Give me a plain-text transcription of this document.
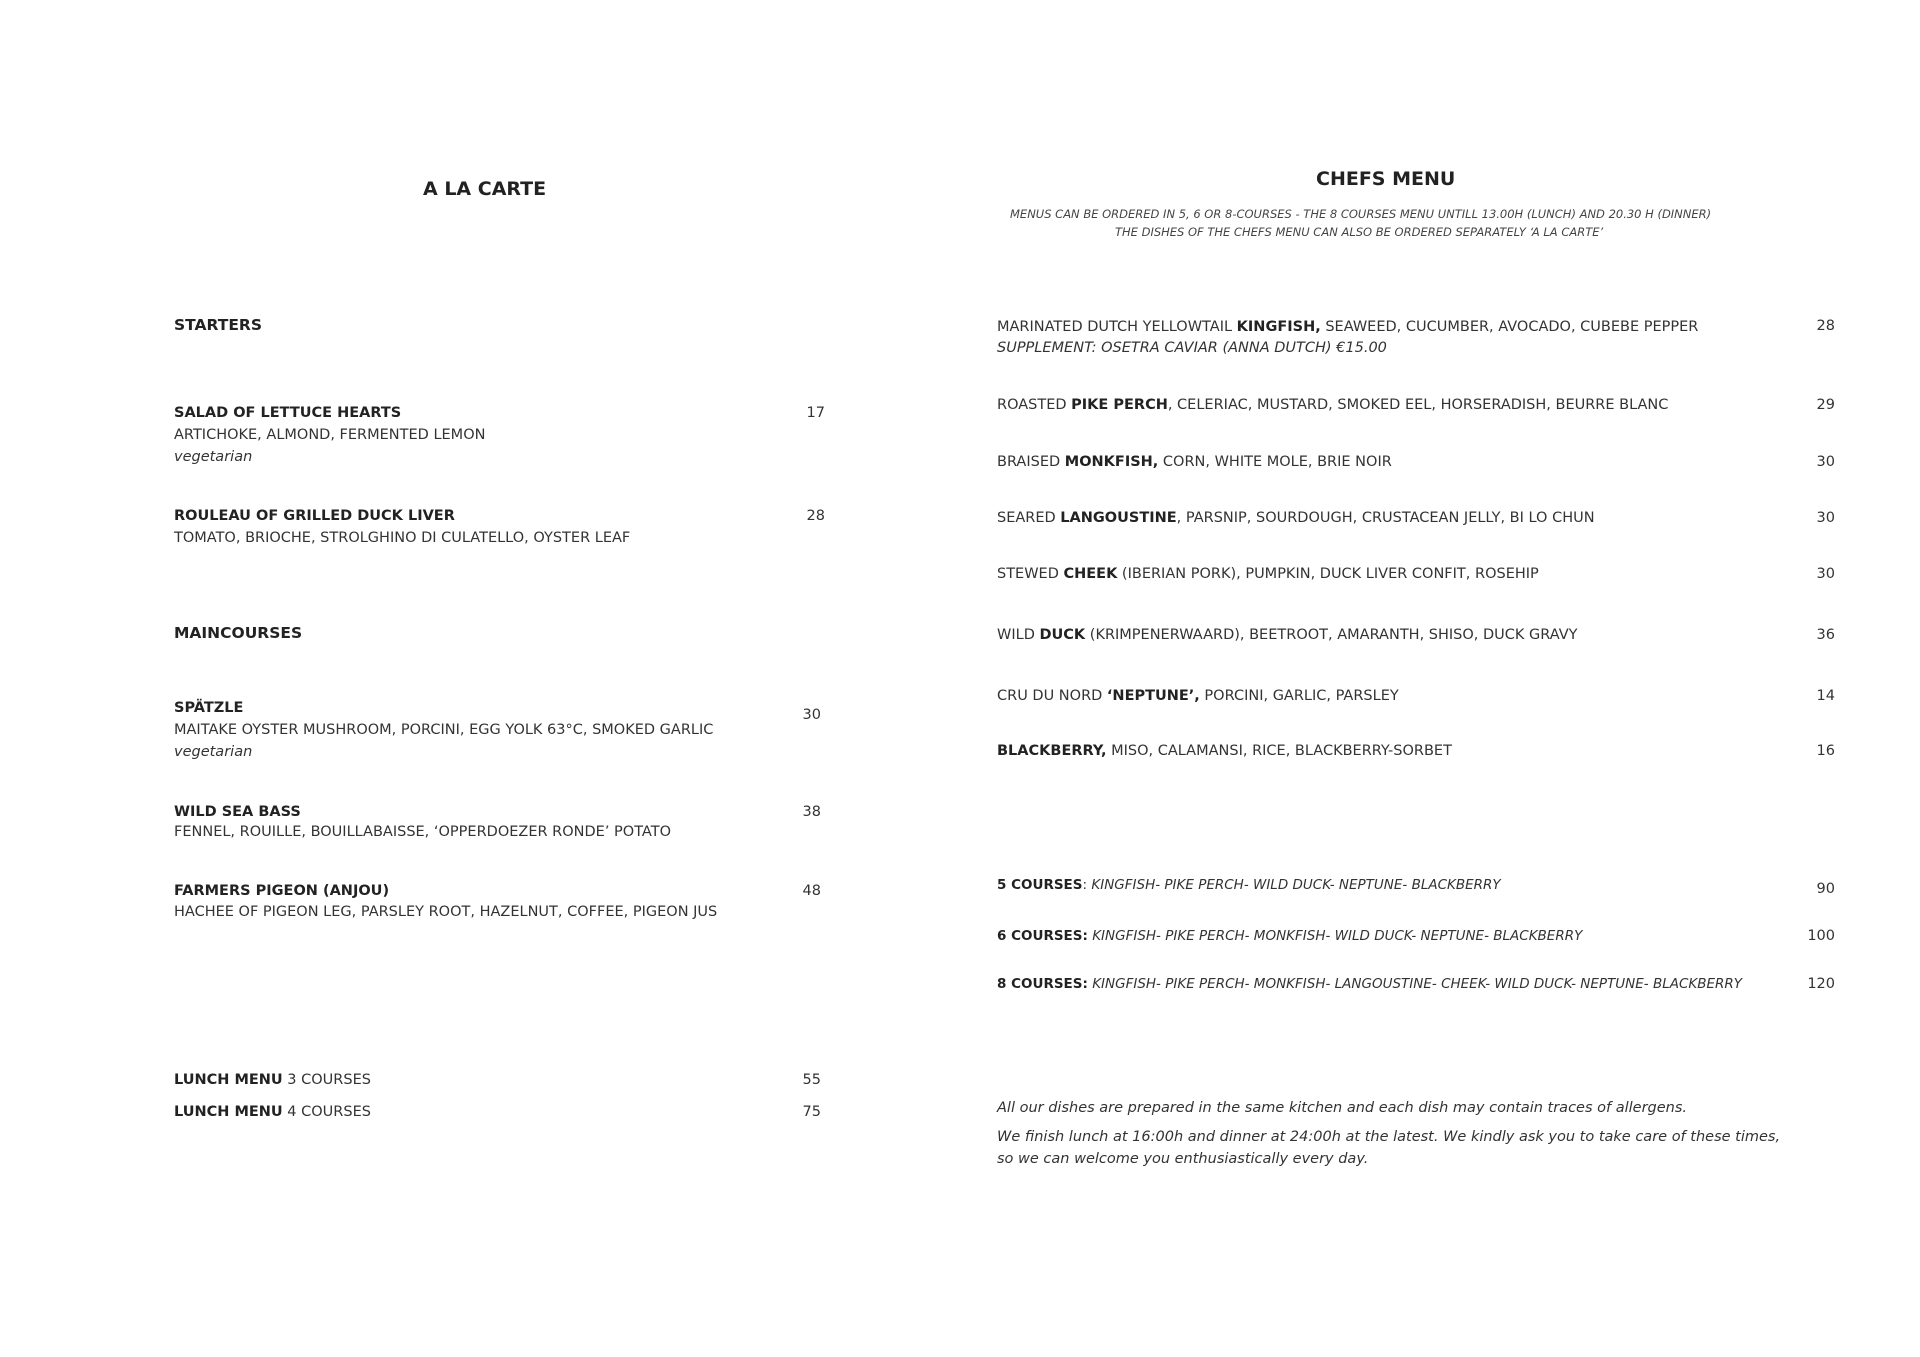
A LA CARTE
STARTERS
SALAD OF LETTUCE HEARTS
ARTICHOKE, ALMOND, FERMENTED LEMON
vegetarian
17
ROULEAU OF GRILLED DUCK LIVER
TOMATO, BRIOCHE, STROLGHINO DI CULATELLO, OYSTER LEAF
28
MAINCOURSES
SPÄTZLE
MAITAKE OYSTER MUSHROOM, PORCINI, EGG YOLK 63°C, SMOKED GARLIC
vegetarian
30
WILD SEA BASS
FENNEL, ROUILLE, BOUILLABAISSE, ‘OPPERDOEZER RONDE’ POTATO
38
FARMERS PIGEON (ANJOU)
HACHEE OF PIGEON LEG, PARSLEY ROOT, HAZELNUT, COFFEE, PIGEON JUS
48
LUNCH MENU 3 COURSES	55
LUNCH MENU 4 COURSES	75
CHEFS MENU
MENUS CAN BE ORDERED IN 5, 6 OR 8-COURSES - THE 8 COURSES MENU UNTILL 13.00H (LUNCH) AND 20.30 H (DINNER)
THE DISHES OF THE CHEFS MENU CAN ALSO BE ORDERED SEPARATELY ‘A LA CARTE’
MARINATED DUTCH YELLOWTAIL KINGFISH, SEAWEED, CUCUMBER, AVOCADO, CUBEBE PEPPER
SUPPLEMENT: OSETRA CAVIAR (ANNA DUTCH) €15.00
28
ROASTED PIKE PERCH, CELERIAC, MUSTARD, SMOKED EEL, HORSERADISH, BEURRE BLANC	29
BRAISED MONKFISH, CORN, WHITE MOLE, BRIE NOIR	30
SEARED LANGOUSTINE, PARSNIP, SOURDOUGH, CRUSTACEAN JELLY, BI LO CHUN	30
STEWED CHEEK (IBERIAN PORK), PUMPKIN, DUCK LIVER CONFIT, ROSEHIP	30
WILD DUCK (KRIMPENERWAARD), BEETROOT, AMARANTH, SHISO, DUCK GRAVY	36
CRU DU NORD ‘NEPTUNE’, PORCINI, GARLIC, PARSLEY	14
BLACKBERRY, MISO, CALAMANSI, RICE, BLACKBERRY-SORBET	16
5 COURSES: KINGFISH- PIKE PERCH- WILD DUCK- NEPTUNE- BLACKBERRY	90
6 COURSES: KINGFISH- PIKE PERCH- MONKFISH- WILD DUCK- NEPTUNE- BLACKBERRY	100
8 COURSES: KINGFISH- PIKE PERCH- MONKFISH- LANGOUSTINE- CHEEK- WILD DUCK- NEPTUNE- BLACKBERRY	120
All our dishes are prepared in the same kitchen and each dish may contain traces of allergens.
We finish lunch at 16:00h and dinner at 24:00h at the latest. We kindly ask you to take care of these times,
so we can welcome you enthusiastically every day.
